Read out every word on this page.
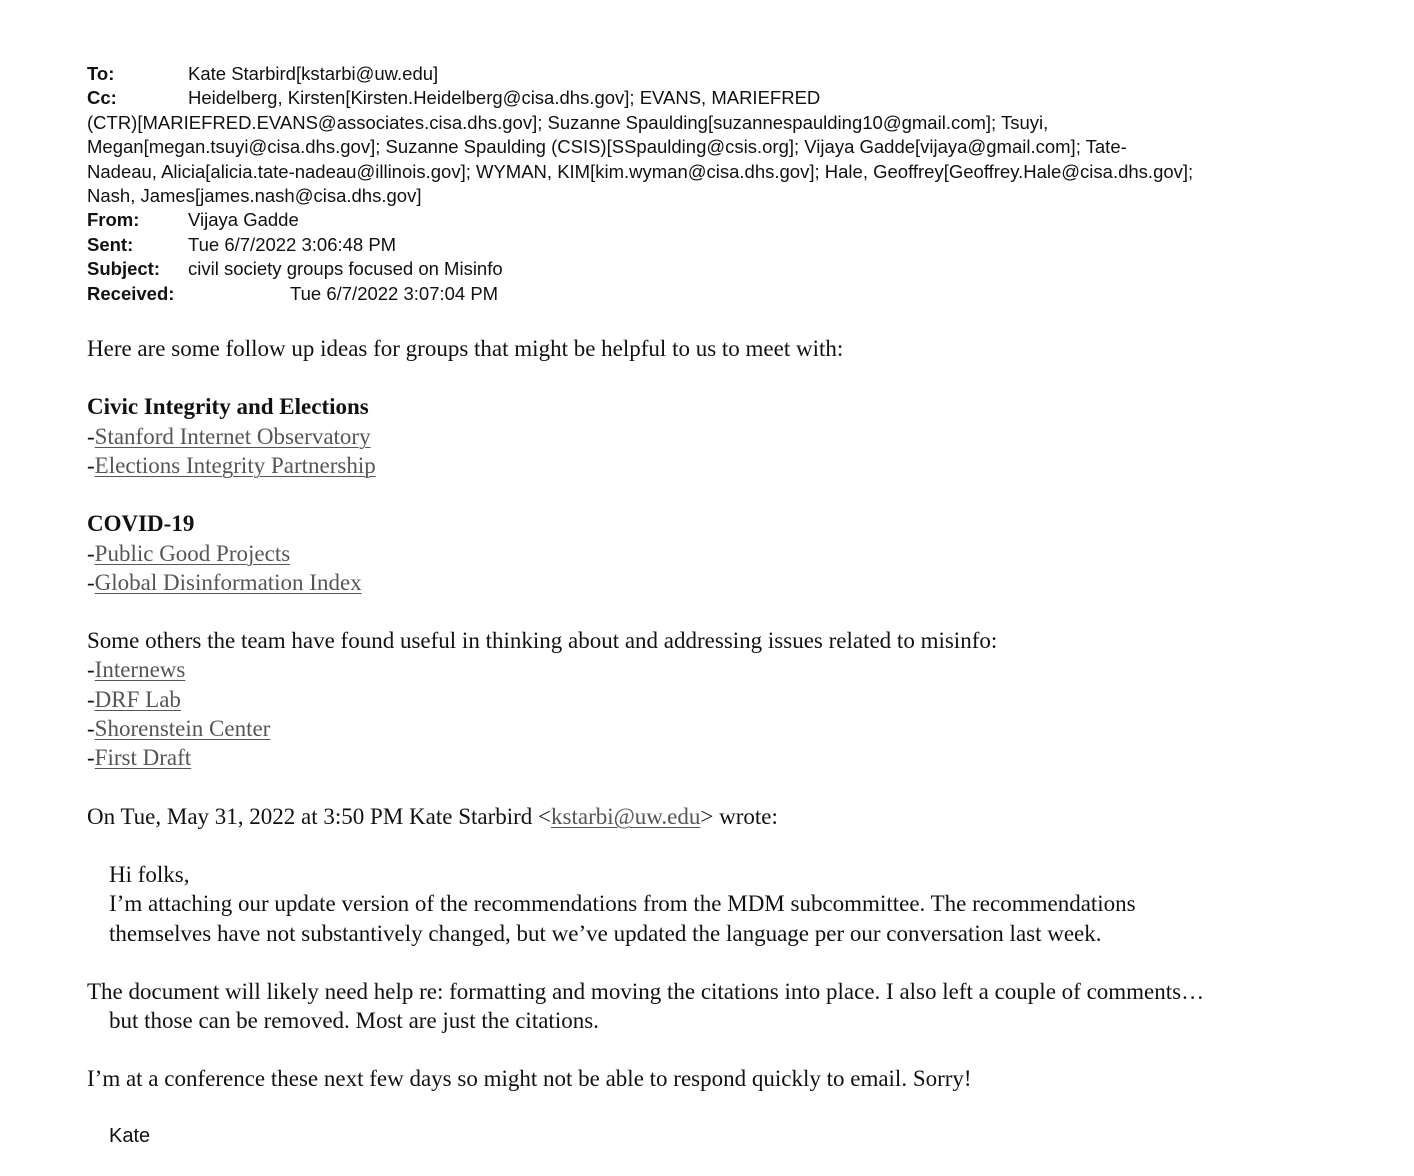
To:	Kate Starbird[kstarbi@uw.edu]
Cc:	Heidelberg, Kirsten[Kirsten.Heidelberg@cisa.dhs.gov]; EVANS, MARIEFRED
(CTR)[MARIEFRED.EVANS@associates.cisa.dhs.gov]; Suzanne Spaulding[suzannespaulding10@gmail.com]; Tsuyi,
Megan[megan.tsuyi@cisa.dhs.gov]; Suzanne Spaulding (CSIS)[SSpaulding@csis.org]; Vijaya Gadde[vijaya@gmail.com]; Tate-
Nadeau, Alicia[alicia.tate-nadeau@illinois.gov]; WYMAN, KIM[kim.wyman@cisa.dhs.gov]; Hale, Geoffrey[Geoffrey.Hale@cisa.dhs.gov];
Nash, James[james.nash@cisa.dhs.gov]
From:	Vijaya Gadde
Sent:	Tue 6/7/2022 3:06:48 PM
Subject: civil society groups focused on Misinfo
Received:	Tue 6/7/2022 3:07:04 PM

Here are some follow up ideas for groups that might be helpful to us to meet with:

Civic Integrity and Elections
-Stanford Internet Observatory
-Elections Integrity Partnership
COVID-19
-Public Good Projects
-Global Disinformation Index

Some others the team have found useful in thinking about and addressing issues related to misinfo:

-Internews
-DRF Lab
-Shorenstein Center
-First Draft

On Tue, May 31, 2022 at 3:50 PM Kate Starbird <kstarbi@uw.edu> wrote:

Hi folks,
I’m attaching our update version of the recommendations from the MDM subcommittee. The recommendations
themselves have not substantively changed, but we’ve updated the language per our conversation last week.
The document will likely need help re: formatting and moving the citations into place. I also left a couple of comments…
but those can be removed. Most are just the citations.

I’m at a conference these next few days so might not be able to respond quickly to email. Sorry!

Kate
